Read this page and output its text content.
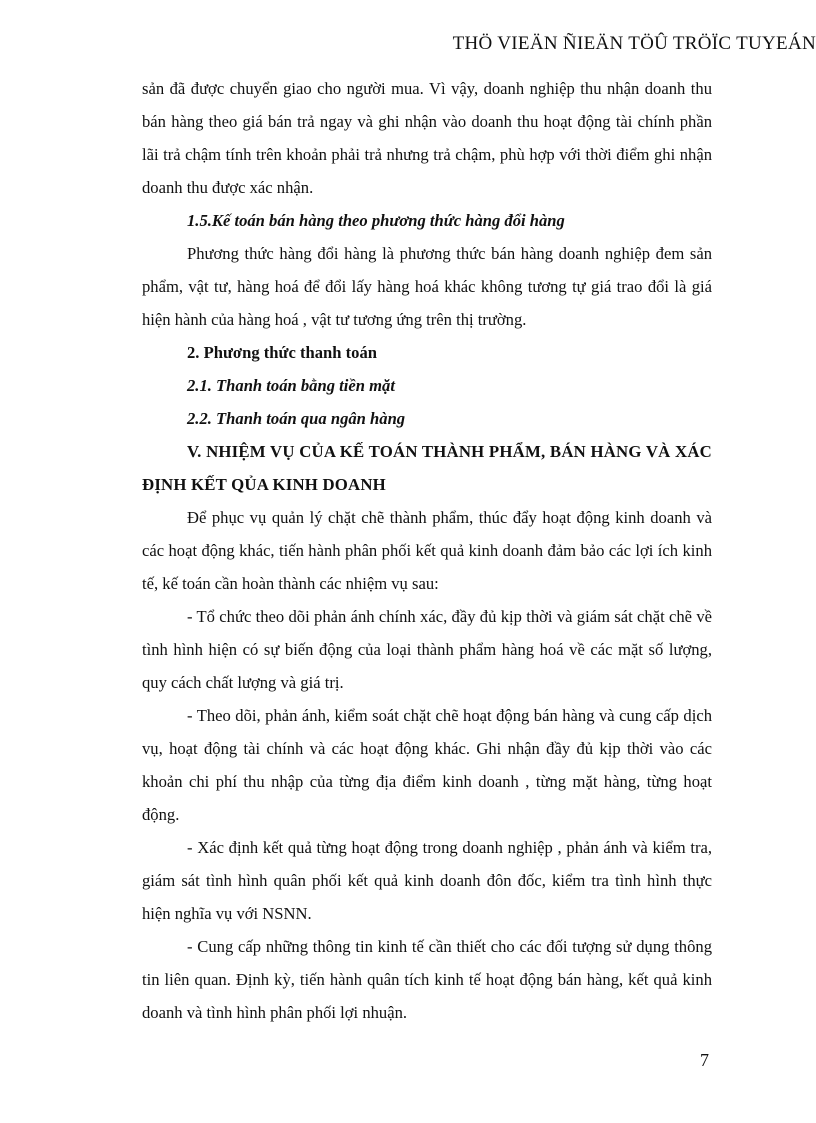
THÖ VIEÄN ÑIEÄN TÖÛ TRÖÏC TUYEÁN

sản đã được chuyển giao cho người mua. Vì vậy, doanh nghiệp thu nhận doanh thu bán hàng theo giá bán trả ngay và ghi nhận vào doanh thu hoạt động tài chính phần lãi trả chậm tính trên khoản phải trả nhưng trả chậm, phù hợp với thời điểm ghi nhận doanh thu được xác nhận.

1.5.Kế toán bán hàng theo phương thức hàng đổi hàng

Phương thức hàng đổi hàng là phương thức bán hàng doanh nghiệp đem sản phẩm, vật tư, hàng hoá để đổi lấy hàng hoá khác không tương tự giá trao đổi là giá hiện hành của hàng hoá , vật tư tương ứng trên thị trường.

2. Phương thức thanh toán

2.1. Thanh toán bằng tiền mặt

2.2. Thanh toán qua ngân hàng

V. NHIỆM VỤ CỦA KẾ TOÁN THÀNH PHẨM, BÁN HÀNG VÀ XÁC ĐỊNH KẾT QỦA KINH DOANH

Để phục vụ quản lý chặt chẽ thành phẩm, thúc đẩy hoạt động kinh doanh và các hoạt động khác, tiến hành phân phối kết quả kinh doanh đảm bảo các lợi ích kinh tế, kế toán cần hoàn thành các nhiệm vụ sau:

- Tổ chức theo dõi phản ánh chính xác, đầy đủ kịp thời và giám sát chặt chẽ về tình hình hiện có sự biến động của loại thành phẩm hàng hoá về các mặt số lượng, quy cách chất lượng và giá trị.

- Theo dõi, phản ánh, kiểm soát chặt chẽ hoạt động bán hàng và cung cấp dịch vụ, hoạt động tài chính và các hoạt động khác. Ghi nhận đầy đủ kịp thời vào các khoản chi phí thu nhập của từng địa điểm kinh doanh , từng mặt hàng, từng hoạt động.

- Xác định kết quả từng hoạt động trong doanh nghiệp , phản ánh và kiểm tra, giám sát tình hình quân phối kết quả kinh doanh đôn đốc, kiểm tra tình hình thực hiện nghĩa vụ với NSNN.

- Cung cấp những thông tin kinh tế cần thiết cho các đối tượng sử dụng thông tin liên quan. Định kỳ, tiến hành quân tích kinh tế hoạt động bán hàng, kết quả kinh doanh và tình hình phân phối lợi nhuận.

7
